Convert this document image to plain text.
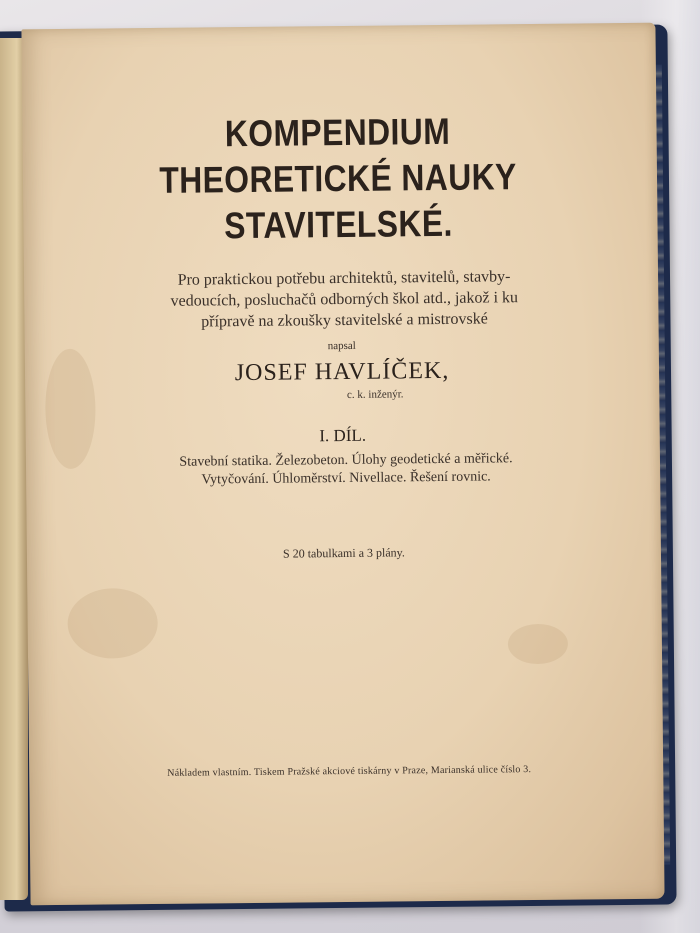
KOMPENDIUM
THEORETICKÉ NAUKY
STAVITELSKÉ.
Pro praktickou potřebu architektů, stavitelů, stavby-
vedoucích, posluchačů odborných škol atd., jakož i ku
přípravě na zkoušky stavitelské a mistrovské
napsal
JOSEF HAVLÍČEK,
c. k. inženýr.
I. DÍL.
Stavební statika. Železobeton. Úlohy geodetické a měřické.
Vytyčování. Úhloměrství. Nivellace. Řešení rovnic.
S 20 tabulkami a 3 plány.
Nákladem vlastním. Tiskem Pražské akciové tiskárny v Praze, Marianská ulice číslo 3.
